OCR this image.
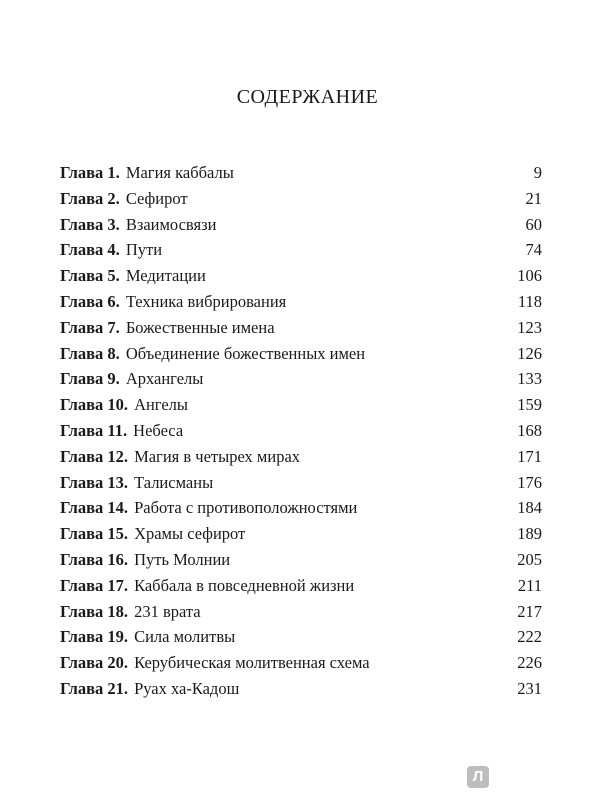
СОДЕРЖАНИЕ
Глава 1. Магия каббалы	9
Глава 2. Сефирот	21
Глава 3. Взаимосвязи	60
Глава 4. Пути	74
Глава 5. Медитации	106
Глава 6. Техника вибрирования	118
Глава 7. Божественные имена	123
Глава 8. Объединение божественных имен	126
Глава 9. Архангелы	133
Глава 10. Ангелы	159
Глава 11. Небеса	168
Глава 12. Магия в четырех мирах	171
Глава 13. Талисманы	176
Глава 14. Работа с противоположностями	184
Глава 15. Храмы сефирот	189
Глава 16. Путь Молнии	205
Глава 17. Каббала в повседневной жизни	211
Глава 18. 231 врата	217
Глава 19. Сила молитвы	222
Глава 20. Керубическая молитвенная схема	226
Глава 21. Руах ха-Кадош	231
Л
